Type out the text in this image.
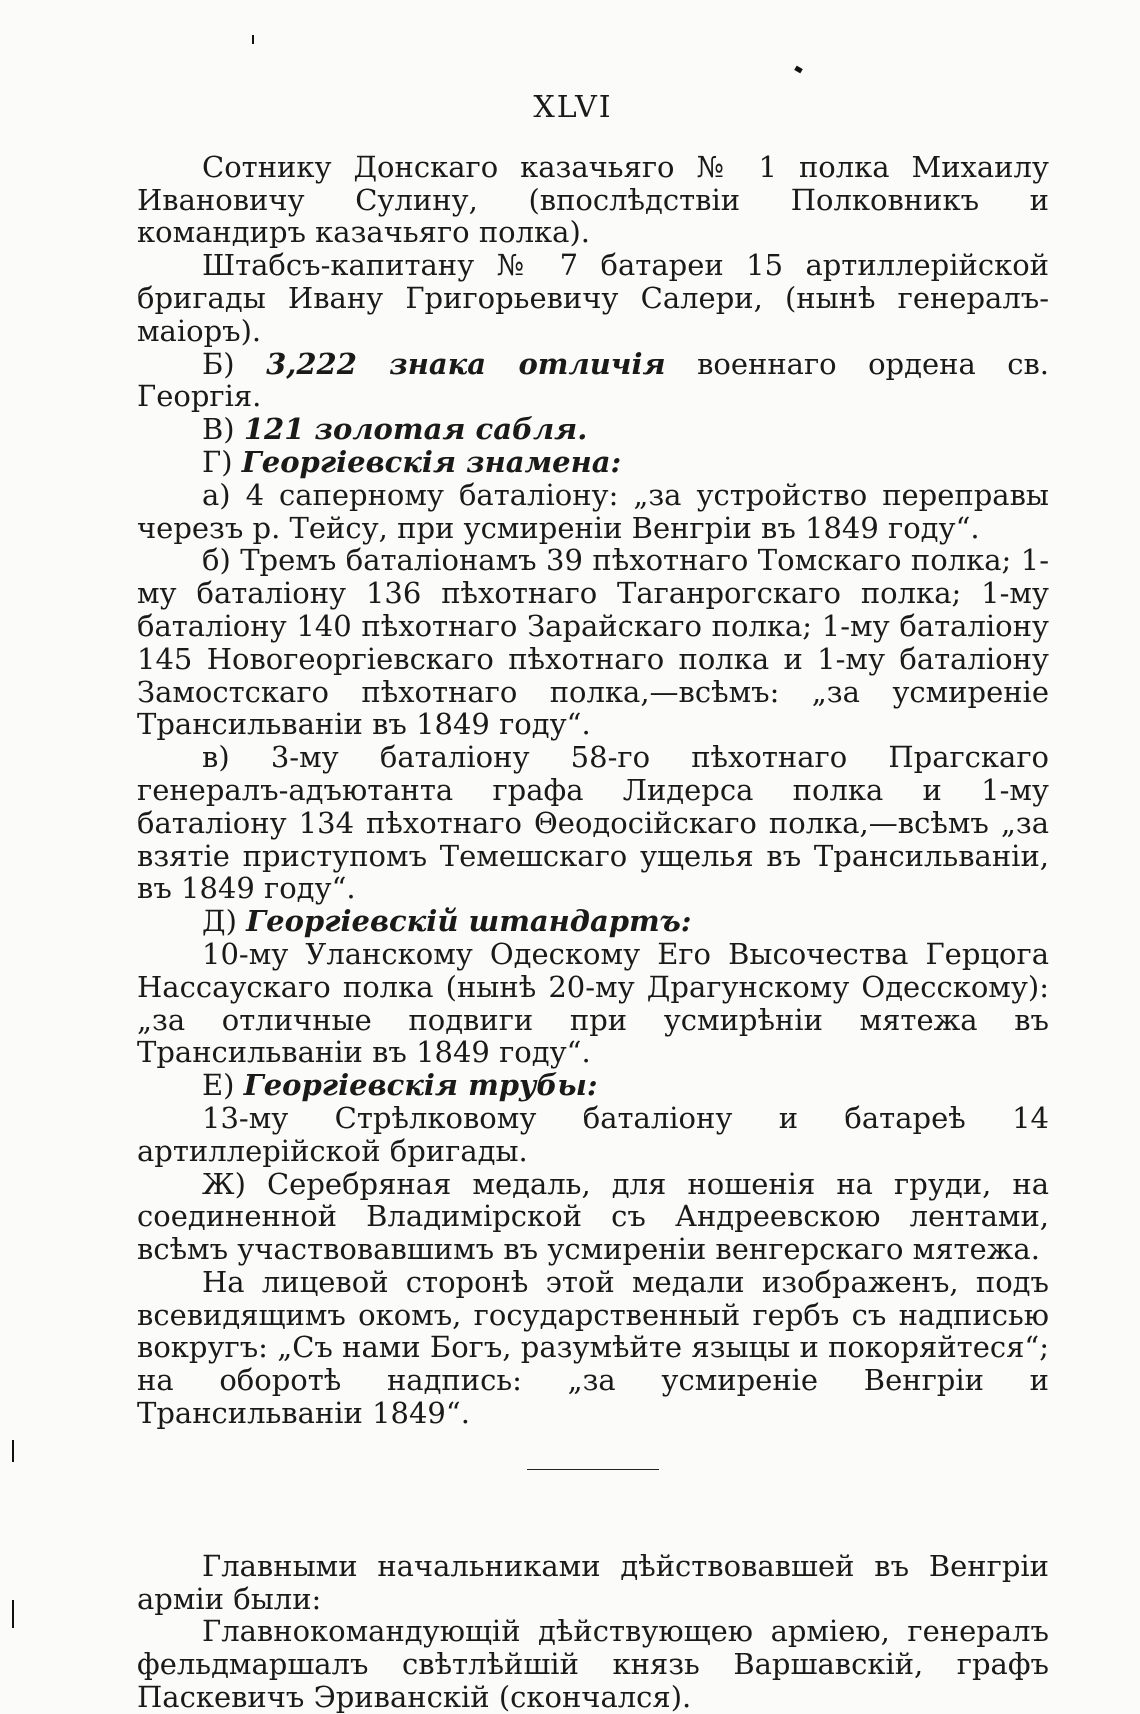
XLVI

Сотнику Донскаго казачьяго № 1 полка Михаилу Ивановичу Сулину, (впослѣдствіи Полковникъ и командиръ казачьяго полка).

Штабсъ-капитану № 7 батареи 15 артиллерійской бригады Ивану Григорьевичу Салери, (нынѣ генералъ-маіоръ).

Б) 3,222 знака отличія военнаго ордена св. Георгія.

В) 121 золотая сабля.

Г) Георгіевскія знамена:

а) 4 саперному баталіону: „за устройство переправы черезъ р. Тейсу, при усмиреніи Венгріи въ 1849 году“.

б) Тремъ баталіонамъ 39 пѣхотнаго Томскаго полка; 1-му баталіону 136 пѣхотнаго Таганрогскаго полка; 1-му баталіону 140 пѣхотнаго Зарайскаго полка; 1-му баталіону 145 Новогеоргіевскаго пѣхотнаго полка и 1-му баталіону Замостскаго пѣхотнаго полка,—всѣмъ: „за усмиреніе Трансильваніи въ 1849 году“.

в) 3-му баталіону 58-го пѣхотнаго Прагскаго генералъ-адъютанта графа Лидерса полка и 1-му баталіону 134 пѣхотнаго Θеодосійскаго полка,—всѣмъ „за взятіе приступомъ Темешскаго ущелья въ Трансильваніи, въ 1849 году“.

Д) Георгіевскій штандартъ:

10-му Уланскому Одескому Его Высочества Герцога Нассаускаго полка (нынѣ 20-му Драгунскому Одесскому): „за отличные подвиги при усмирѣніи мятежа въ Трансильваніи въ 1849 году“.

Е) Георгіевскія трубы:

13-му Стрѣлковому баталіону и батареѣ 14 артиллерійской бригады.

Ж) Серебряная медаль, для ношенія на груди, на соединенной Владимірской съ Андреевскою лентами, всѣмъ участвовавшимъ въ усмиреніи венгерскаго мятежа.

На лицевой сторонѣ этой медали изображенъ, подъ всевидящимъ окомъ, государственный гербъ съ надписью вокругъ: „Съ нами Богъ, разумѣйте языцы и покоряйтеся“; на оборотѣ надпись: „за усмиреніе Венгріи и Трансильваніи 1849“.

Главными начальниками дѣйствовавшей въ Венгріи арміи были:

Главнокомандующій дѣйствующею арміею, генералъ фельдмаршалъ свѣтлѣйшій князь Варшавскій, графъ Паскевичъ Эриванскій (скончался).
